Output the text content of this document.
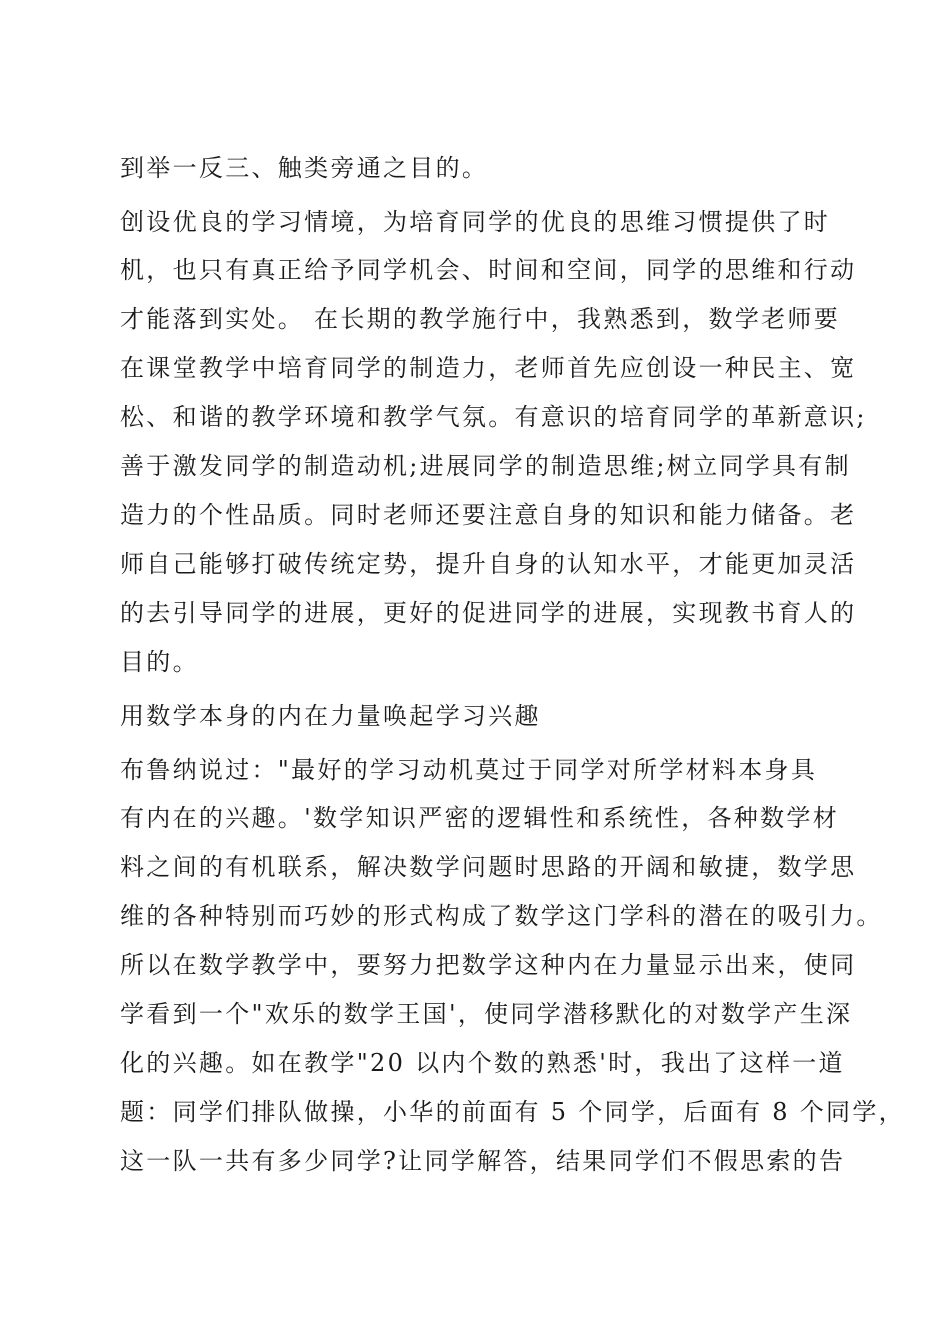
到举一反三、触类旁通之目的。
创设优良的学习情境，为培育同学的优良的思维习惯提供了时
机，也只有真正给予同学机会、时间和空间，同学的思维和行动
才能落到实处。 在长期的教学施行中，我熟悉到，数学老师要
在课堂教学中培育同学的制造力，老师首先应创设一种民主、宽
松、和谐的教学环境和教学气氛。有意识的培育同学的革新意识;
善于激发同学的制造动机;进展同学的制造思维;树立同学具有制
造力的个性品质。同时老师还要注意自身的知识和能力储备。老
师自己能够打破传统定势，提升自身的认知水平，才能更加灵活
的去引导同学的进展，更好的促进同学的进展，实现教书育人的
目的。
用数学本身的内在力量唤起学习兴趣
布鲁纳说过："最好的学习动机莫过于同学对所学材料本身具
有内在的兴趣。'数学知识严密的逻辑性和系统性，各种数学材
料之间的有机联系，解决数学问题时思路的开阔和敏捷，数学思
维的各种特别而巧妙的形式构成了数学这门学科的潜在的吸引力。
所以在数学教学中，要努力把数学这种内在力量显示出来，使同
学看到一个"欢乐的数学王国'，使同学潜移默化的对数学产生深
化的兴趣。如在教学"20 以内个数的熟悉'时，我出了这样一道
题：同学们排队做操，小华的前面有 5 个同学，后面有 8 个同学，
这一队一共有多少同学?让同学解答，结果同学们不假思索的告
